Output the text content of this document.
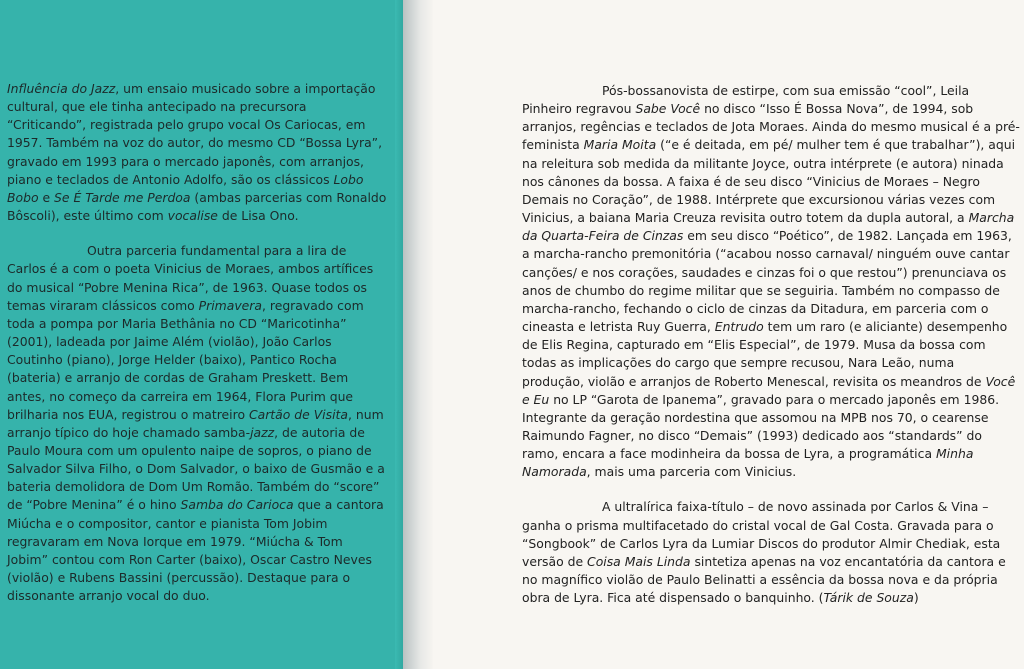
Influência do Jazz, um ensaio musicado sobre a importação cultural, que ele tinha antecipado na precursora “Criticando”, registrada pelo grupo vocal Os Cariocas, em 1957. Também na voz do autor, do mesmo CD “Bossa Lyra”, gravado em 1993 para o mercado japonês, com arranjos, piano e teclados de Antonio Adolfo, são os clássicos Lobo Bobo e Se É Tarde me Perdoa (ambas parcerias com Ronaldo Bôscoli), este último com vocalise de Lisa Ono.

Outra parceria fundamental para a lira de Carlos é a com o poeta Vinicius de Moraes, ambos artífices do musical “Pobre Menina Rica”, de 1963. Quase todos os temas viraram clássicos como Primavera, regravado com toda a pompa por Maria Bethânia no CD “Maricotinha” (2001), ladeada por Jaime Além (violão), João Carlos Coutinho (piano), Jorge Helder (baixo), Pantico Rocha (bateria) e arranjo de cordas de Graham Preskett. Bem antes, no começo da carreira em 1964, Flora Purim que brilharia nos EUA, registrou o matreiro Cartão de Visita, num arranjo típico do hoje chamado samba-jazz, de autoria de Paulo Moura com um opulento naipe de sopros, o piano de Salvador Silva Filho, o Dom Salvador, o baixo de Gusmão e a bateria demolidora de Dom Um Romão. Também do “score” de “Pobre Menina” é o hino Samba do Carioca que a cantora Miúcha e o compositor, cantor e pianista Tom Jobim regravaram em Nova Iorque em 1979. “Miúcha & Tom Jobim” contou com Ron Carter (baixo), Oscar Castro Neves (violão) e Rubens Bassini (percussão). Destaque para o dissonante arranjo vocal do duo.

Pós-bossanovista de estirpe, com sua emissão “cool”, Leila Pinheiro regravou Sabe Você no disco “Isso É Bossa Nova”, de 1994, sob arranjos, regências e teclados de Jota Moraes. Ainda do mesmo musical é a pré-feminista Maria Moita (“e é deitada, em pé/ mulher tem é que trabalhar”), aqui na releitura sob medida da militante Joyce, outra intérprete (e autora) ninada nos cânones da bossa. A faixa é de seu disco “Vinicius de Moraes – Negro Demais no Coração”, de 1988. Intérprete que excursionou várias vezes com Vinicius, a baiana Maria Creuza revisita outro totem da dupla autoral, a Marcha da Quarta-Feira de Cinzas em seu disco “Poético”, de 1982. Lançada em 1963, a marcha-rancho premonitória (“acabou nosso carnaval/ ninguém ouve cantar canções/ e nos corações, saudades e cinzas foi o que restou”) prenunciava os anos de chumbo do regime militar que se seguiria. Também no compasso de marcha-rancho, fechando o ciclo de cinzas da Ditadura, em parceria com o cineasta e letrista Ruy Guerra, Entrudo tem um raro (e aliciante) desempenho de Elis Regina, capturado em “Elis Especial”, de 1979. Musa da bossa com todas as implicações do cargo que sempre recusou, Nara Leão, numa produção, violão e arranjos de Roberto Menescal, revisita os meandros de Você e Eu no LP “Garota de Ipanema”, gravado para o mercado japonês em 1986. Integrante da geração nordestina que assomou na MPB nos 70, o cearense Raimundo Fagner, no disco “Demais” (1993) dedicado aos “standards” do ramo, encara a face modinheira da bossa de Lyra, a programática Minha Namorada, mais uma parceria com Vinicius.

A ultralírica faixa-título – de novo assinada por Carlos & Vina – ganha o prisma multifacetado do cristal vocal de Gal Costa. Gravada para o “Songbook” de Carlos Lyra da Lumiar Discos do produtor Almir Chediak, esta versão de Coisa Mais Linda sintetiza apenas na voz encantatória da cantora e no magnífico violão de Paulo Belinatti a essência da bossa nova e da própria obra de Lyra. Fica até dispensado o banquinho. (Tárik de Souza)
